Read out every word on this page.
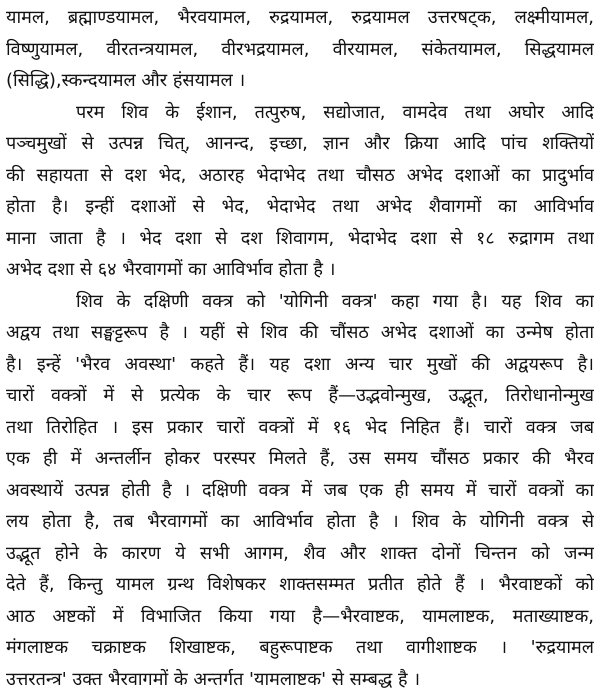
यामल, ब्रह्माण्डयामल, भैरवयामल, रुद्रयामल, रुद्रयामल उत्तरषट्क, लक्ष्मीयामल,
विष्णुयामल, वीरतन्त्रयामल, वीरभद्रयामल, वीरयामल, संकेतयामल, सिद्धयामल
(सिद्धि),स्कन्दयामल और हंसयामल ।
परम शिव के ईशान, तत्पुरुष, सद्योजात, वामदेव तथा अघोर आदि
पञ्चमुखों से उत्पन्न चित्, आनन्द, इच्छा, ज्ञान और क्रिया आदि पांच शक्तियों
की सहायता से दश भेद, अठारह भेदाभेद तथा चौसठ अभेद दशाओं का प्रादुर्भाव
होता है। इन्हीं दशाओं से भेद, भेदाभेद तथा अभेद शैवागमों का आविर्भाव
माना जाता है । भेद दशा से दश शिवागम, भेदाभेद दशा से १८ रुद्रागम तथा
अभेद दशा से ६४ भैरवागमों का आविर्भाव होता है ।
शिव के दक्षिणी वक्त्र को 'योगिनी वक्त्र' कहा गया है। यह शिव का
अद्वय तथा सङ्घट्टरूप है । यहीं से शिव की चौंसठ अभेद दशाओं का उन्मेष होता
है। इन्हें 'भैरव अवस्था' कहते हैं। यह दशा अन्य चार मुखों की अद्वयरूप है।
चारों वक्त्रों में से प्रत्येक के चार रूप हैं—उद्भवोन्मुख, उद्भूत, तिरोधानोन्मुख
तथा तिरोहित । इस प्रकार चारों वक्त्रों में १६ भेद निहित हैं। चारों वक्त्र जब
एक ही में अन्तर्लीन होकर परस्पर मिलते हैं, उस समय चौंसठ प्रकार की भैरव
अवस्थायें उत्पन्न होती है । दक्षिणी वक्त्र में जब एक ही समय में चारों वक्त्रों का
लय होता है, तब भैरवागमों का आविर्भाव होता है । शिव के योगिनी वक्त्र से
उद्भूत होने के कारण ये सभी आगम, शैव और शाक्त दोनों चिन्तन को जन्म
देते हैं, किन्तु यामल ग्रन्थ विशेषकर शाक्तसम्मत प्रतीत होते हैं । भैरवाष्टकों को
आठ अष्टकों में विभाजित किया गया है—भैरवाष्टक, यामलाष्टक, मताख्याष्टक,
मंगलाष्टक चक्राष्टक शिखाष्टक, बहुरूपाष्टक तथा वागीशाष्टक । 'रुद्रयामल
उत्तरतन्त्र' उक्त भैरवागमों के अन्तर्गत 'यामलाष्टक' से सम्बद्ध है ।
